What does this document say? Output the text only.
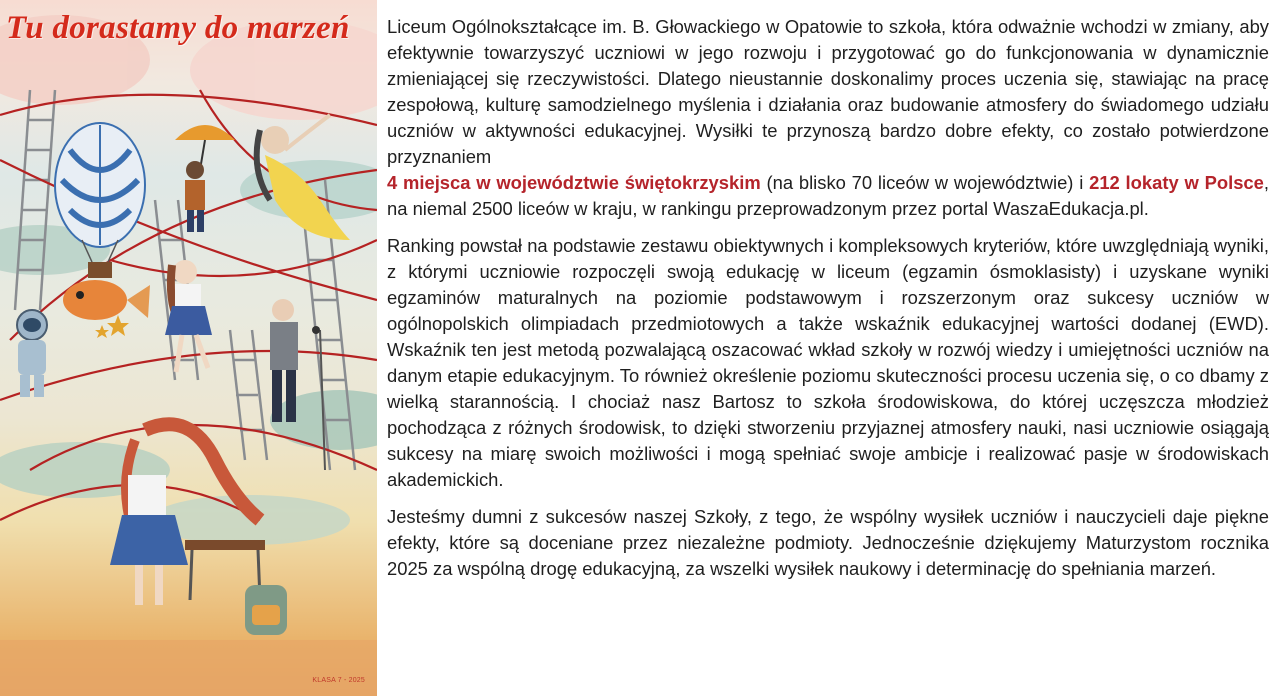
Tu dorastamy do marzeń
KLASA 7 - 2025

Liceum Ogólnokształcące im. B. Głowackiego w Opatowie to szkoła, która odważnie wchodzi w zmiany, aby efektywnie towarzyszyć uczniowi w jego rozwoju i przygotować go do funkcjonowania w dynamicznie zmieniającej się rzeczywistości. Dlatego nieustannie doskonalimy proces uczenia się, stawiając na pracę zespołową, kulturę samodzielnego myślenia i działania oraz budowanie atmosfery do świadomego udziału uczniów w aktywności edukacyjnej. Wysiłki te przynoszą bardzo dobre efekty, co zostało potwierdzone przyznaniem
4 miejsca w województwie świętokrzyskim (na blisko 70 liceów w województwie) i 212 lokaty w Polsce, na niemal 2500 liceów w kraju, w rankingu przeprowadzonym przez portal WaszaEdukacja.pl.

Ranking powstał na podstawie zestawu obiektywnych i kompleksowych kryteriów, które uwzględniają wyniki, z którymi uczniowie rozpoczęli swoją edukację w liceum (egzamin ósmoklasisty) i uzyskane wyniki egzaminów maturalnych na poziomie podstawowym i rozszerzonym oraz sukcesy uczniów w ogólnopolskich olimpiadach przedmiotowych a także wskaźnik edukacyjnej wartości dodanej (EWD). Wskaźnik ten jest metodą pozwalającą oszacować wkład szkoły w rozwój wiedzy i umiejętności uczniów na danym etapie edukacyjnym. To również określenie poziomu skuteczności procesu uczenia się, o co dbamy z wielką starannością. I chociaż nasz Bartosz to szkoła środowiskowa, do której uczęszcza młodzież pochodząca z różnych środowisk, to dzięki stworzeniu przyjaznej atmosfery nauki, nasi uczniowie osiągają sukcesy na miarę swoich możliwości i mogą spełniać swoje ambicje i realizować pasje w środowiskach akademickich.

Jesteśmy dumni z sukcesów naszej Szkoły, z tego, że wspólny wysiłek uczniów i nauczycieli daje piękne efekty, które są doceniane przez niezależne podmioty. Jednocześnie dziękujemy Maturzystom rocznika 2025 za wspólną drogę edukacyjną, za wszelki wysiłek naukowy i determinację do spełniania marzeń.
